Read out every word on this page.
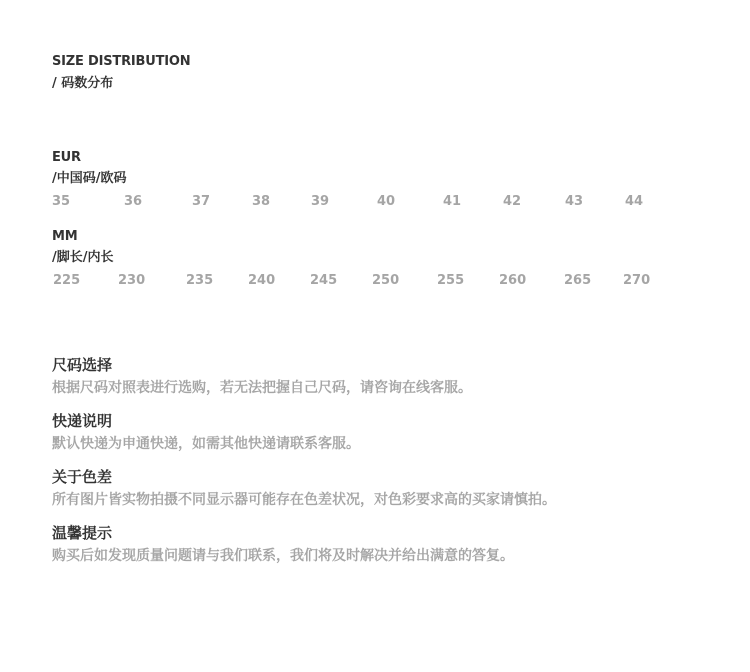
SIZE DISTRIBUTION
/ 码数分布
EUR
/中国码/欧码
35	36	37	38	39	40	41	42	43	44
MM
/脚长/内长
225	230	235	240	245	250	255	260	265 270
尺码选择
根据尺码对照表进行选购，若无法把握自己尺码，请咨询在线客服。
快递说明
默认快递为申通快递，如需其他快递请联系客服。
关于色差
所有图片皆实物拍摄不同显示器可能存在色差状况，对色彩要求高的买家请慎拍。
温馨提示
购买后如发现质量问题请与我们联系，我们将及时解决并给出满意的答复。
